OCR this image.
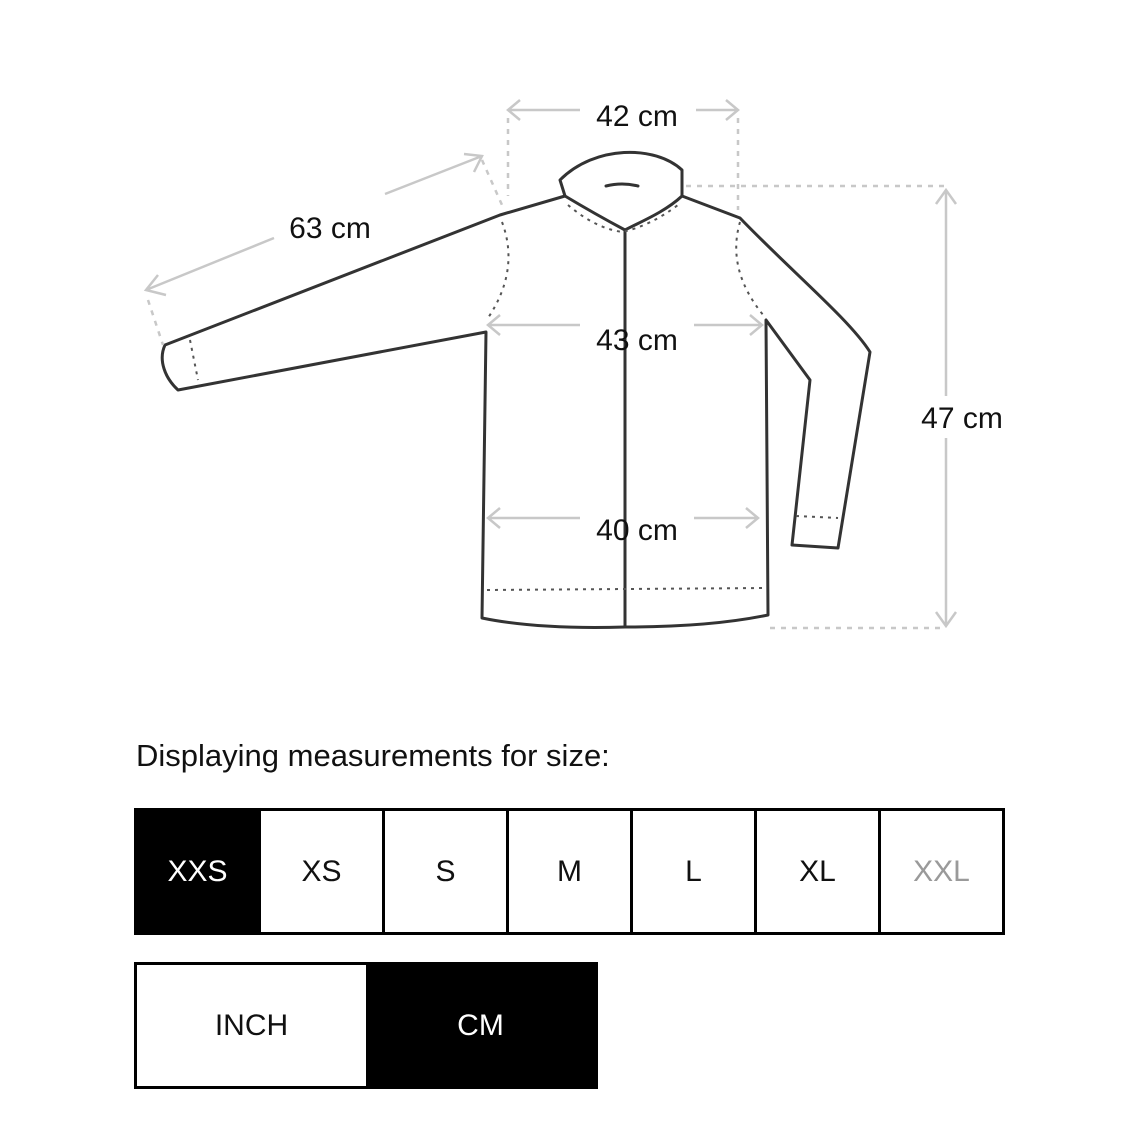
42 cm
63 cm
43 cm
40 cm
47 cm
Displaying measurements for size:
XXS	XS	S	M	L	XL	XXL
INCH	CM
